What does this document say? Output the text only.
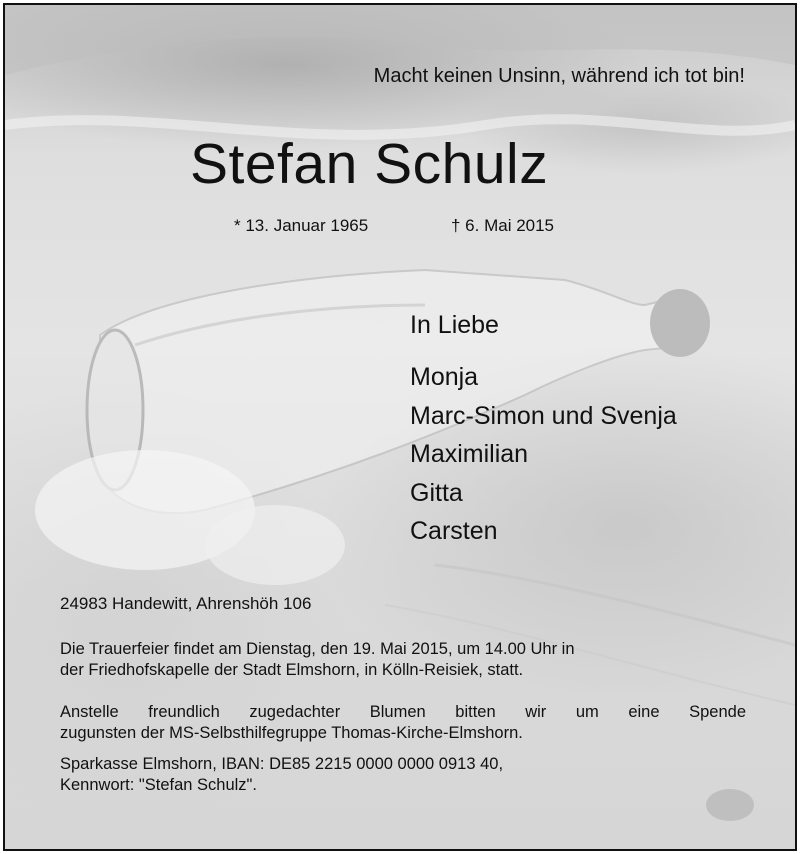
Macht keinen Unsinn, während ich tot bin!
Stefan Schulz
* 13. Januar 1965	† 6. Mai 2015
In Liebe
Monja
Marc-Simon und Svenja
Maximilian
Gitta
Carsten
24983 Handewitt, Ahrenshöh 106
Die Trauerfeier findet am Dienstag, den 19. Mai 2015, um 14.00 Uhr in
der Friedhofskapelle der Stadt Elmshorn, in Kölln-Reisiek, statt.
Anstelle freundlich zugedachter Blumen bitten wir um eine Spende
zugunsten der MS-Selbsthilfegruppe Thomas-Kirche-Elmshorn.
Sparkasse Elmshorn, IBAN: DE85 2215 0000 0000 0913 40,
Kennwort: "Stefan Schulz".
